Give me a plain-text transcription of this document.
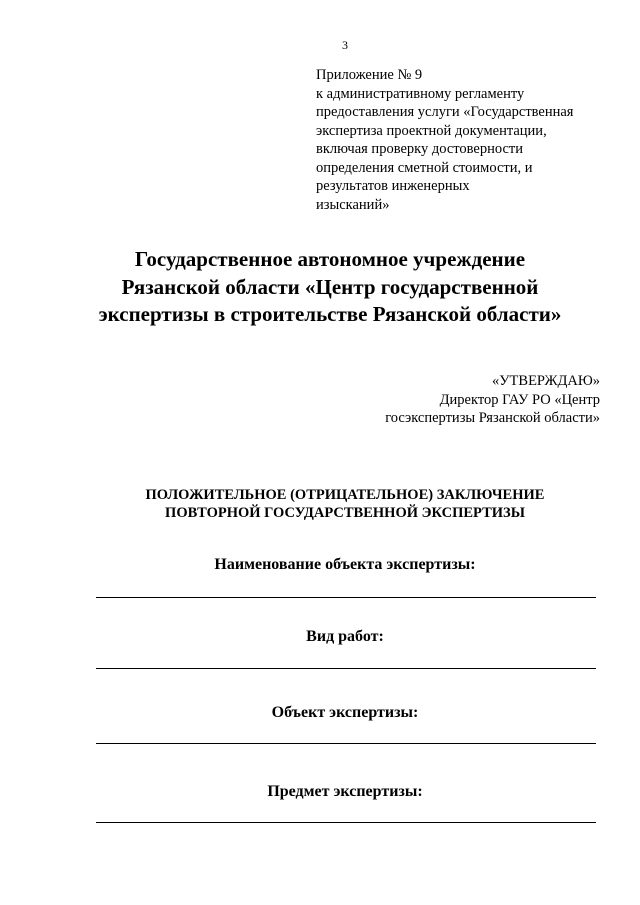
3
Приложение № 9
к административному регламенту
предоставления услуги «Государственная
экспертиза проектной документации,
включая проверку достоверности
определения сметной стоимости, и
результатов инженерных
изысканий»
Государственное автономное учреждение
Рязанской области «Центр государственной
экспертизы в строительстве Рязанской области»
«УТВЕРЖДАЮ»
Директор ГАУ РО «Центр
госэкспертизы Рязанской области»
ПОЛОЖИТЕЛЬНОЕ (ОТРИЦАТЕЛЬНОЕ) ЗАКЛЮЧЕНИЕ
ПОВТОРНОЙ ГОСУДАРСТВЕННОЙ ЭКСПЕРТИЗЫ
Наименование объекта экспертизы:
Вид работ:
Объект экспертизы:
Предмет экспертизы:
